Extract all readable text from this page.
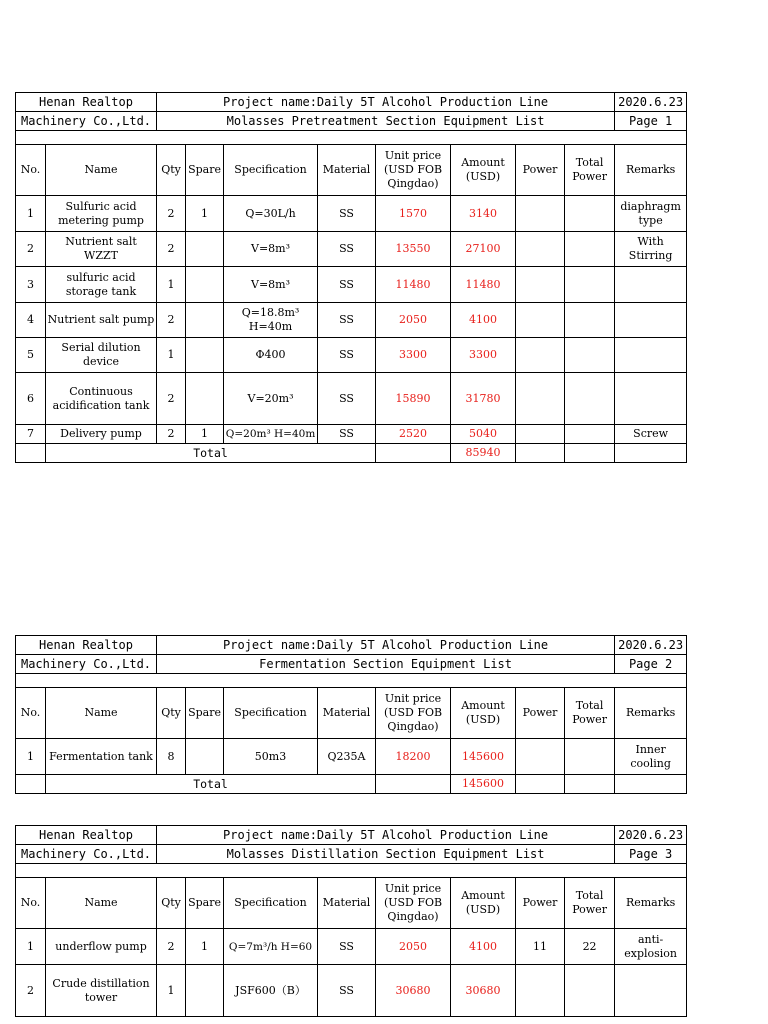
Henan Realtop		Project name:Daily 5T Alcohol Production Line								2020.6.23
Machinery Co.,Ltd.		Molasses Pretreatment Section Equipment List								Page 1

No.	Name	Qty	Spare	Specification	Material	Unit price (USD FOB Qingdao)	Amount (USD)	Power	Total Power	Remarks
1	Sulfuric acid metering pump	2	1	Q=30L/h	SS	1570	3140			diaphragm type
2	Nutrient salt WZZT	2		V=8m³	SS	13550	27100			With Stirring
3	sulfuric acid storage tank	1		V=8m³	SS	11480	11480			
4	Nutrient salt pump	2		Q=18.8m³ H=40m	SS	2050	4100			
5	Serial dilution device	1		Φ400	SS	3300	3300			
6	Continuous acidification tank	2		V=20m³	SS	15890	31780			
7	Delivery pump	2	1	Q=20m³ H=40m	SS	2520	5040			Screw
	Total						85940			
Henan Realtop		Project name:Daily 5T Alcohol Production Line								2020.6.23
Machinery Co.,Ltd.		Fermentation Section Equipment List								Page 2

No.	Name	Qty	Spare	Specification	Material	Unit price (USD FOB Qingdao)	Amount (USD)	Power	Total Power	Remarks
1	Fermentation tank	8		50m3	Q235A	18200	145600			Inner cooling
	Total						145600			
Henan Realtop		Project name:Daily 5T Alcohol Production Line								2020.6.23
Machinery Co.,Ltd.		Molasses Distillation Section Equipment List								Page 3

No.	Name	Qty	Spare	Specification	Material	Unit price (USD FOB Qingdao)	Amount (USD)	Power	Total Power	Remarks
1	underflow pump	2	1	Q=7m³/h H=60	SS	2050	4100	11	22	anti-explosion
2	Crude distillation tower	1		JSF600（B）	SS	30680	30680			
